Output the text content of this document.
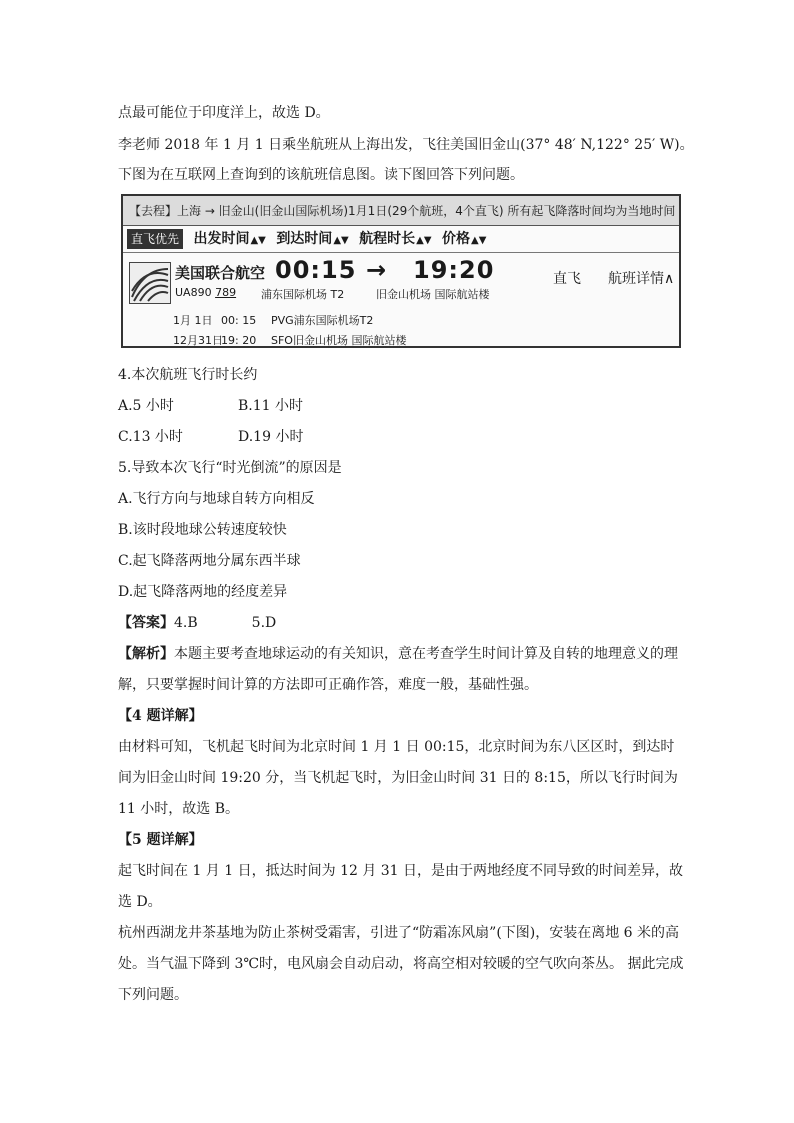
点最可能位于印度洋上，故选 D。
李老师 2018 年 1 月 1 日乘坐航班从上海出发，飞往美国旧金山(37° 48′ N,122° 25′ W)。
下图为在互联网上查询到的该航班信息图。读下图回答下列问题。
【去程】上海 → 旧金山(旧金山国际机场)1月1日(29个航班，4个直飞) 所有起飞降落时间均为当地时间
直飞优先 出发时间▲▼ 到达时间▲▼ 航程时长▲▼ 价格▲▼
美国联合航空
UA890 789
00:15 → 19:20
浦东国际机场 T2	旧金山机场 国际航站楼
直飞 航班详情∧
1月 1日 00: 15 PVG浦东国际机场T2
12月31日19: 20 SFO旧金山机场 国际航站楼
4.本次航班飞行时长约
A.5 小时	B.11 小时
C.13 小时	D.19 小时
5.导致本次飞行“时光倒流”的原因是
A.飞行方向与地球自转方向相反
B.该时段地球公转速度较快
C.起飞降落两地分属东西半球
D.起飞降落两地的经度差异
【答案】4.B	5.D
【解析】本题主要考查地球运动的有关知识，意在考查学生时间计算及自转的地理意义的理解，只要掌握时间计算的方法即可正确作答，难度一般，基础性强。
【4 题详解】
由材料可知，飞机起飞时间为北京时间 1 月 1 日 00:15，北京时间为东八区区时，到达时间为旧金山时间 19:20 分，当飞机起飞时，为旧金山时间 31 日的 8:15，所以飞行时间为 11 小时，故选 B。
【5 题详解】
起飞时间在 1 月 1 日，抵达时间为 12 月 31 日，是由于两地经度不同导致的时间差异，故选 D。
杭州西湖龙井茶基地为防止茶树受霜害，引进了“防霜冻风扇”(下图)，安装在离地 6 米的高处。当气温下降到 3℃时，电风扇会自动启动，将高空相对较暖的空气吹向茶丛。 据此完成下列问题。
